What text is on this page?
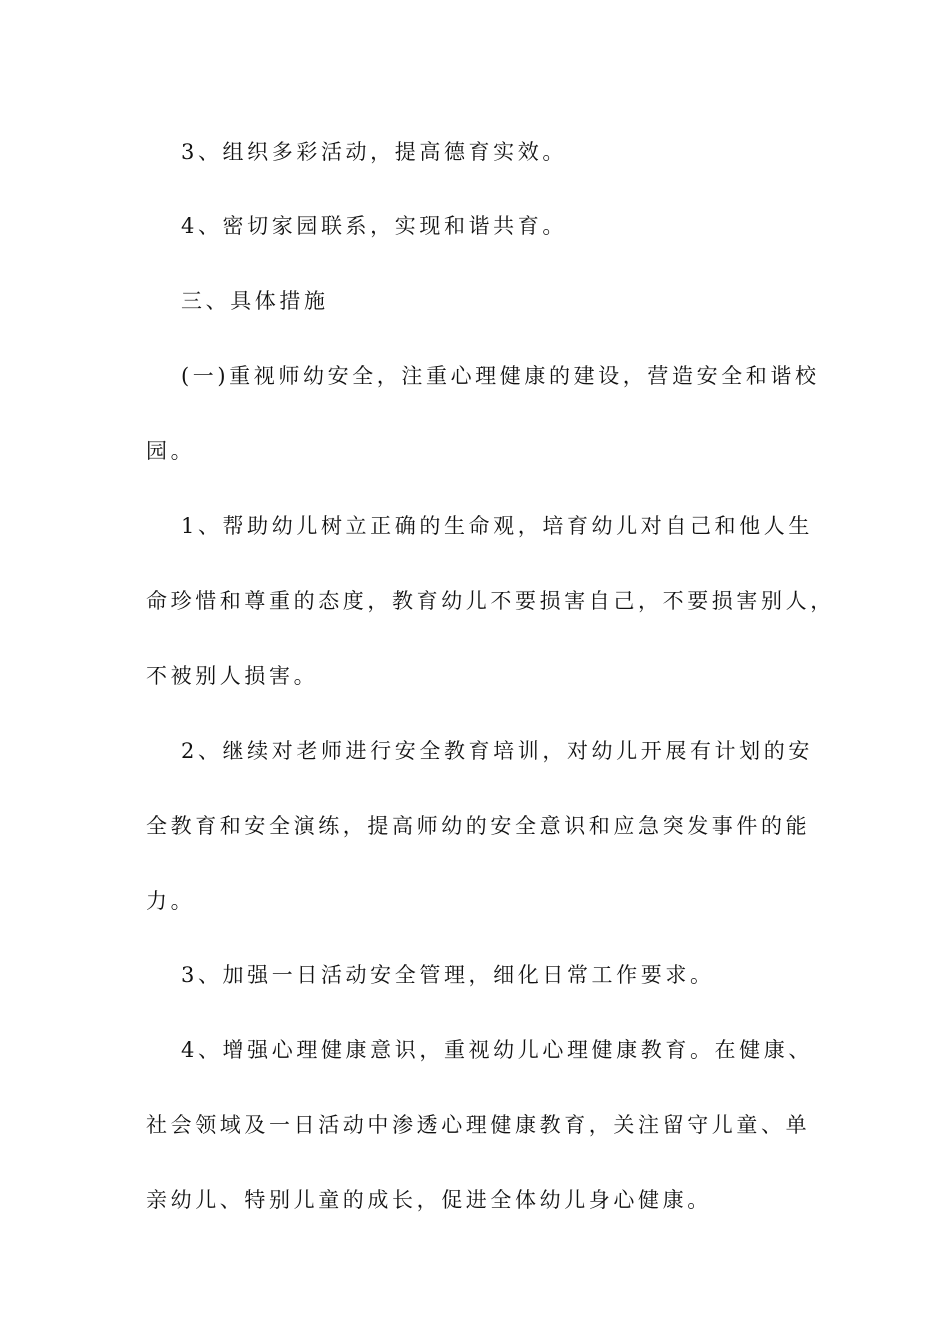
3、组织多彩活动，提高德育实效。

4、密切家园联系，实现和谐共育。

三、具体措施

(一)重视师幼安全，注重心理健康的建设，营造安全和谐校

园。

1、帮助幼儿树立正确的生命观，培育幼儿对自己和他人生

命珍惜和尊重的态度，教育幼儿不要损害自己，不要损害别人，

不被别人损害。

2、继续对老师进行安全教育培训，对幼儿开展有计划的安

全教育和安全演练，提高师幼的安全意识和应急突发事件的能

力。

3、加强一日活动安全管理，细化日常工作要求。

4、增强心理健康意识，重视幼儿心理健康教育。在健康、

社会领域及一日活动中渗透心理健康教育，关注留守儿童、单

亲幼儿、特别儿童的成长，促进全体幼儿身心健康。
